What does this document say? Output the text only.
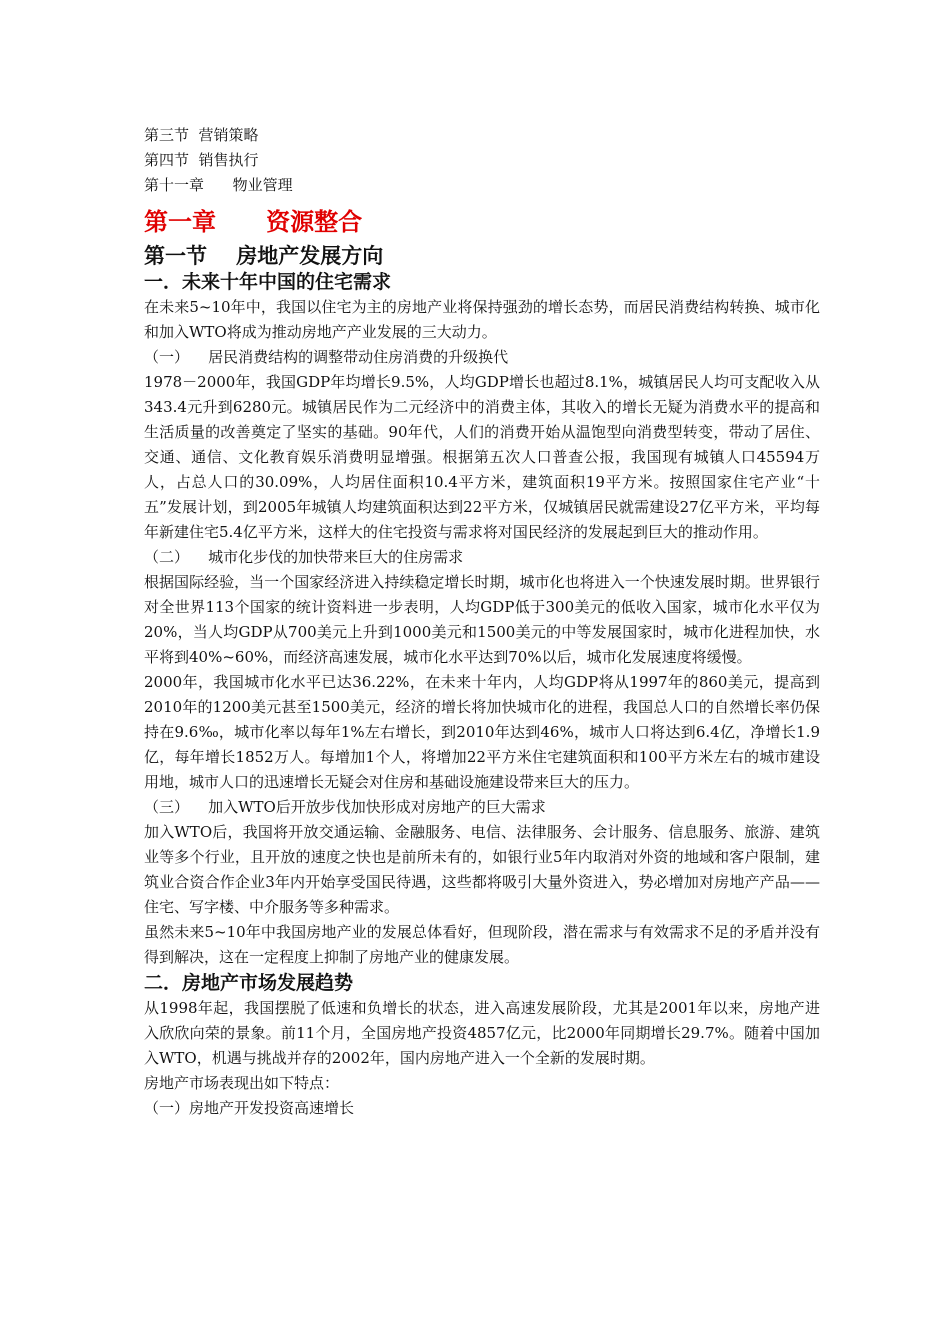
第三节  营销策略
第四节  销售执行
第十一章      物业管理
第一章      资源整合
第一节    房地产发展方向
一．未来十年中国的住宅需求

在未来5~10年中，我国以住宅为主的房地产业将保持强劲的增长态势，而居民消费结构转换、城市化和加入WTO将成为推动房地产产业发展的三大动力。

（一）    居民消费结构的调整带动住房消费的升级换代

1978－2000年，我国GDP年均增长9.5%，人均GDP增长也超过8.1%，城镇居民人均可支配收入从343.4元升到6280元。城镇居民作为二元经济中的消费主体，其收入的增长无疑为消费水平的提高和生活质量的改善奠定了坚实的基础。90年代，人们的消费开始从温饱型向消费型转变，带动了居住、交通、通信、文化教育娱乐消费明显增强。根据第五次人口普查公报，我国现有城镇人口45594万人，占总人口的30.09%，人均居住面积10.4平方米，建筑面积19平方米。按照国家住宅产业“十五”发展计划，到2005年城镇人均建筑面积达到22平方米，仅城镇居民就需建设27亿平方米，平均每年新建住宅5.4亿平方米，这样大的住宅投资与需求将对国民经济的发展起到巨大的推动作用。

（二）    城市化步伐的加快带来巨大的住房需求

根据国际经验，当一个国家经济进入持续稳定增长时期，城市化也将进入一个快速发展时期。世界银行对全世界113个国家的统计资料进一步表明，人均GDP低于300美元的低收入国家，城市化水平仅为20%，当人均GDP从700美元上升到1000美元和1500美元的中等发展国家时，城市化进程加快，水平将到40%~60%，而经济高速发展，城市化水平达到70%以后，城市化发展速度将缓慢。

2000年，我国城市化水平已达36.22%，在未来十年内，人均GDP将从1997年的860美元，提高到2010年的1200美元甚至1500美元，经济的增长将加快城市化的进程，我国总人口的自然增长率仍保持在9.6‰，城市化率以每年1%左右增长，到2010年达到46%，城市人口将达到6.4亿，净增长1.9亿，每年增长1852万人。每增加1个人，将增加22平方米住宅建筑面积和100平方米左右的城市建设用地，城市人口的迅速增长无疑会对住房和基础设施建设带来巨大的压力。

（三）    加入WTO后开放步伐加快形成对房地产的巨大需求

加入WTO后，我国将开放交通运输、金融服务、电信、法律服务、会计服务、信息服务、旅游、建筑业等多个行业，且开放的速度之快也是前所未有的，如银行业5年内取消对外资的地域和客户限制，建筑业合资合作企业3年内开始享受国民待遇，这些都将吸引大量外资进入，势必增加对房地产产品——住宅、写字楼、中介服务等多种需求。

虽然未来5~10年中我国房地产业的发展总体看好，但现阶段，潜在需求与有效需求不足的矛盾并没有得到解决，这在一定程度上抑制了房地产业的健康发展。

二．房地产市场发展趋势

从1998年起，我国摆脱了低速和负增长的状态，进入高速发展阶段，尤其是2001年以来，房地产进入欣欣向荣的景象。前11个月，全国房地产投资4857亿元，比2000年同期增长29.7%。随着中国加入WTO，机遇与挑战并存的2002年，国内房地产进入一个全新的发展时期。

房地产市场表现出如下特点：

（一）房地产开发投资高速增长
